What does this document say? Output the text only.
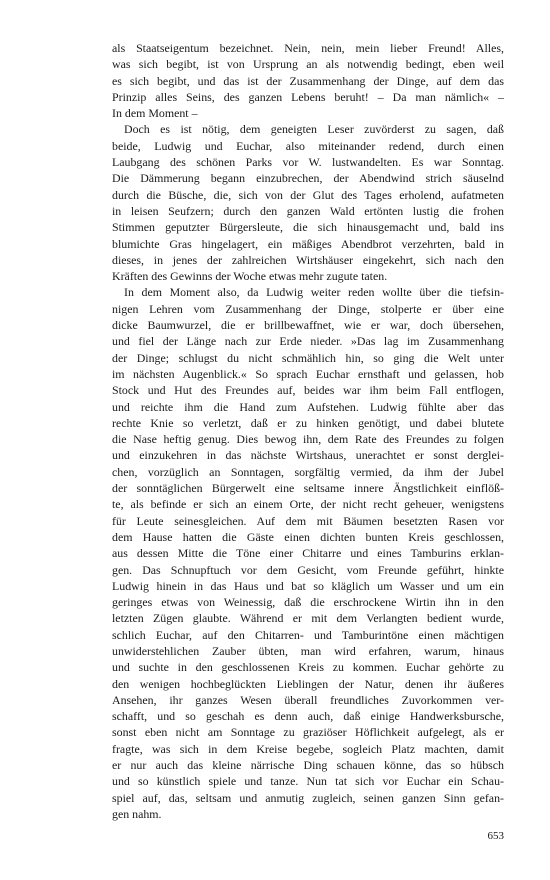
als Staatseigentum bezeichnet. Nein, nein, mein lieber Freund! Alles,
was sich begibt, ist von Ursprung an als notwendig bedingt, eben weil
es sich begibt, und das ist der Zusammenhang der Dinge, auf dem das
Prinzip alles Seins, des ganzen Lebens beruht! – Da man nämlich« –
In dem Moment –
Doch es ist nötig, dem geneigten Leser zuvörderst zu sagen, daß
beide, Ludwig und Euchar, also miteinander redend, durch einen
Laubgang des schönen Parks vor W. lustwandelten. Es war Sonntag.
Die Dämmerung begann einzubrechen, der Abendwind strich säuselnd
durch die Büsche, die, sich von der Glut des Tages erholend, aufatmeten
in leisen Seufzern; durch den ganzen Wald ertönten lustig die frohen
Stimmen geputzter Bürgersleute, die sich hinausgemacht und, bald ins
blumichte Gras hingelagert, ein mäßiges Abendbrot verzehrten, bald in
dieses, in jenes der zahlreichen Wirtshäuser eingekehrt, sich nach den
Kräften des Gewinns der Woche etwas mehr zugute taten.
In dem Moment also, da Ludwig weiter reden wollte über die tiefsin-
nigen Lehren vom Zusammenhang der Dinge, stolperte er über eine
dicke Baumwurzel, die er brillbewaffnet, wie er war, doch übersehen,
und fiel der Länge nach zur Erde nieder. »Das lag im Zusammenhang
der Dinge; schlugst du nicht schmählich hin, so ging die Welt unter
im nächsten Augenblick.« So sprach Euchar ernsthaft und gelassen, hob
Stock und Hut des Freundes auf, beides war ihm beim Fall entflogen,
und reichte ihm die Hand zum Aufstehen. Ludwig fühlte aber das
rechte Knie so verletzt, daß er zu hinken genötigt, und dabei blutete
die Nase heftig genug. Dies bewog ihn, dem Rate des Freundes zu folgen
und einzukehren in das nächste Wirtshaus, unerachtet er sonst derglei-
chen, vorzüglich an Sonntagen, sorgfältig vermied, da ihm der Jubel
der sonntäglichen Bürgerwelt eine seltsame innere Ängstlichkeit einflöß-
te, als befinde er sich an einem Orte, der nicht recht geheuer, wenigstens
für Leute seinesgleichen. Auf dem mit Bäumen besetzten Rasen vor
dem Hause hatten die Gäste einen dichten bunten Kreis geschlossen,
aus dessen Mitte die Töne einer Chitarre und eines Tamburins erklan-
gen. Das Schnupftuch vor dem Gesicht, vom Freunde geführt, hinkte
Ludwig hinein in das Haus und bat so kläglich um Wasser und um ein
geringes etwas von Weinessig, daß die erschrockene Wirtin ihn in den
letzten Zügen glaubte. Während er mit dem Verlangten bedient wurde,
schlich Euchar, auf den Chitarren- und Tamburintöne einen mächtigen
unwiderstehlichen Zauber übten, man wird erfahren, warum, hinaus
und suchte in den geschlossenen Kreis zu kommen. Euchar gehörte zu
den wenigen hochbeglückten Lieblingen der Natur, denen ihr äußeres
Ansehen, ihr ganzes Wesen überall freundliches Zuvorkommen ver-
schafft, und so geschah es denn auch, daß einige Handwerksbursche,
sonst eben nicht am Sonntage zu graziöser Höflichkeit aufgelegt, als er
fragte, was sich in dem Kreise begebe, sogleich Platz machten, damit
er nur auch das kleine närrische Ding schauen könne, das so hübsch
und so künstlich spiele und tanze. Nun tat sich vor Euchar ein Schau-
spiel auf, das, seltsam und anmutig zugleich, seinen ganzen Sinn gefan-
gen nahm.
653
